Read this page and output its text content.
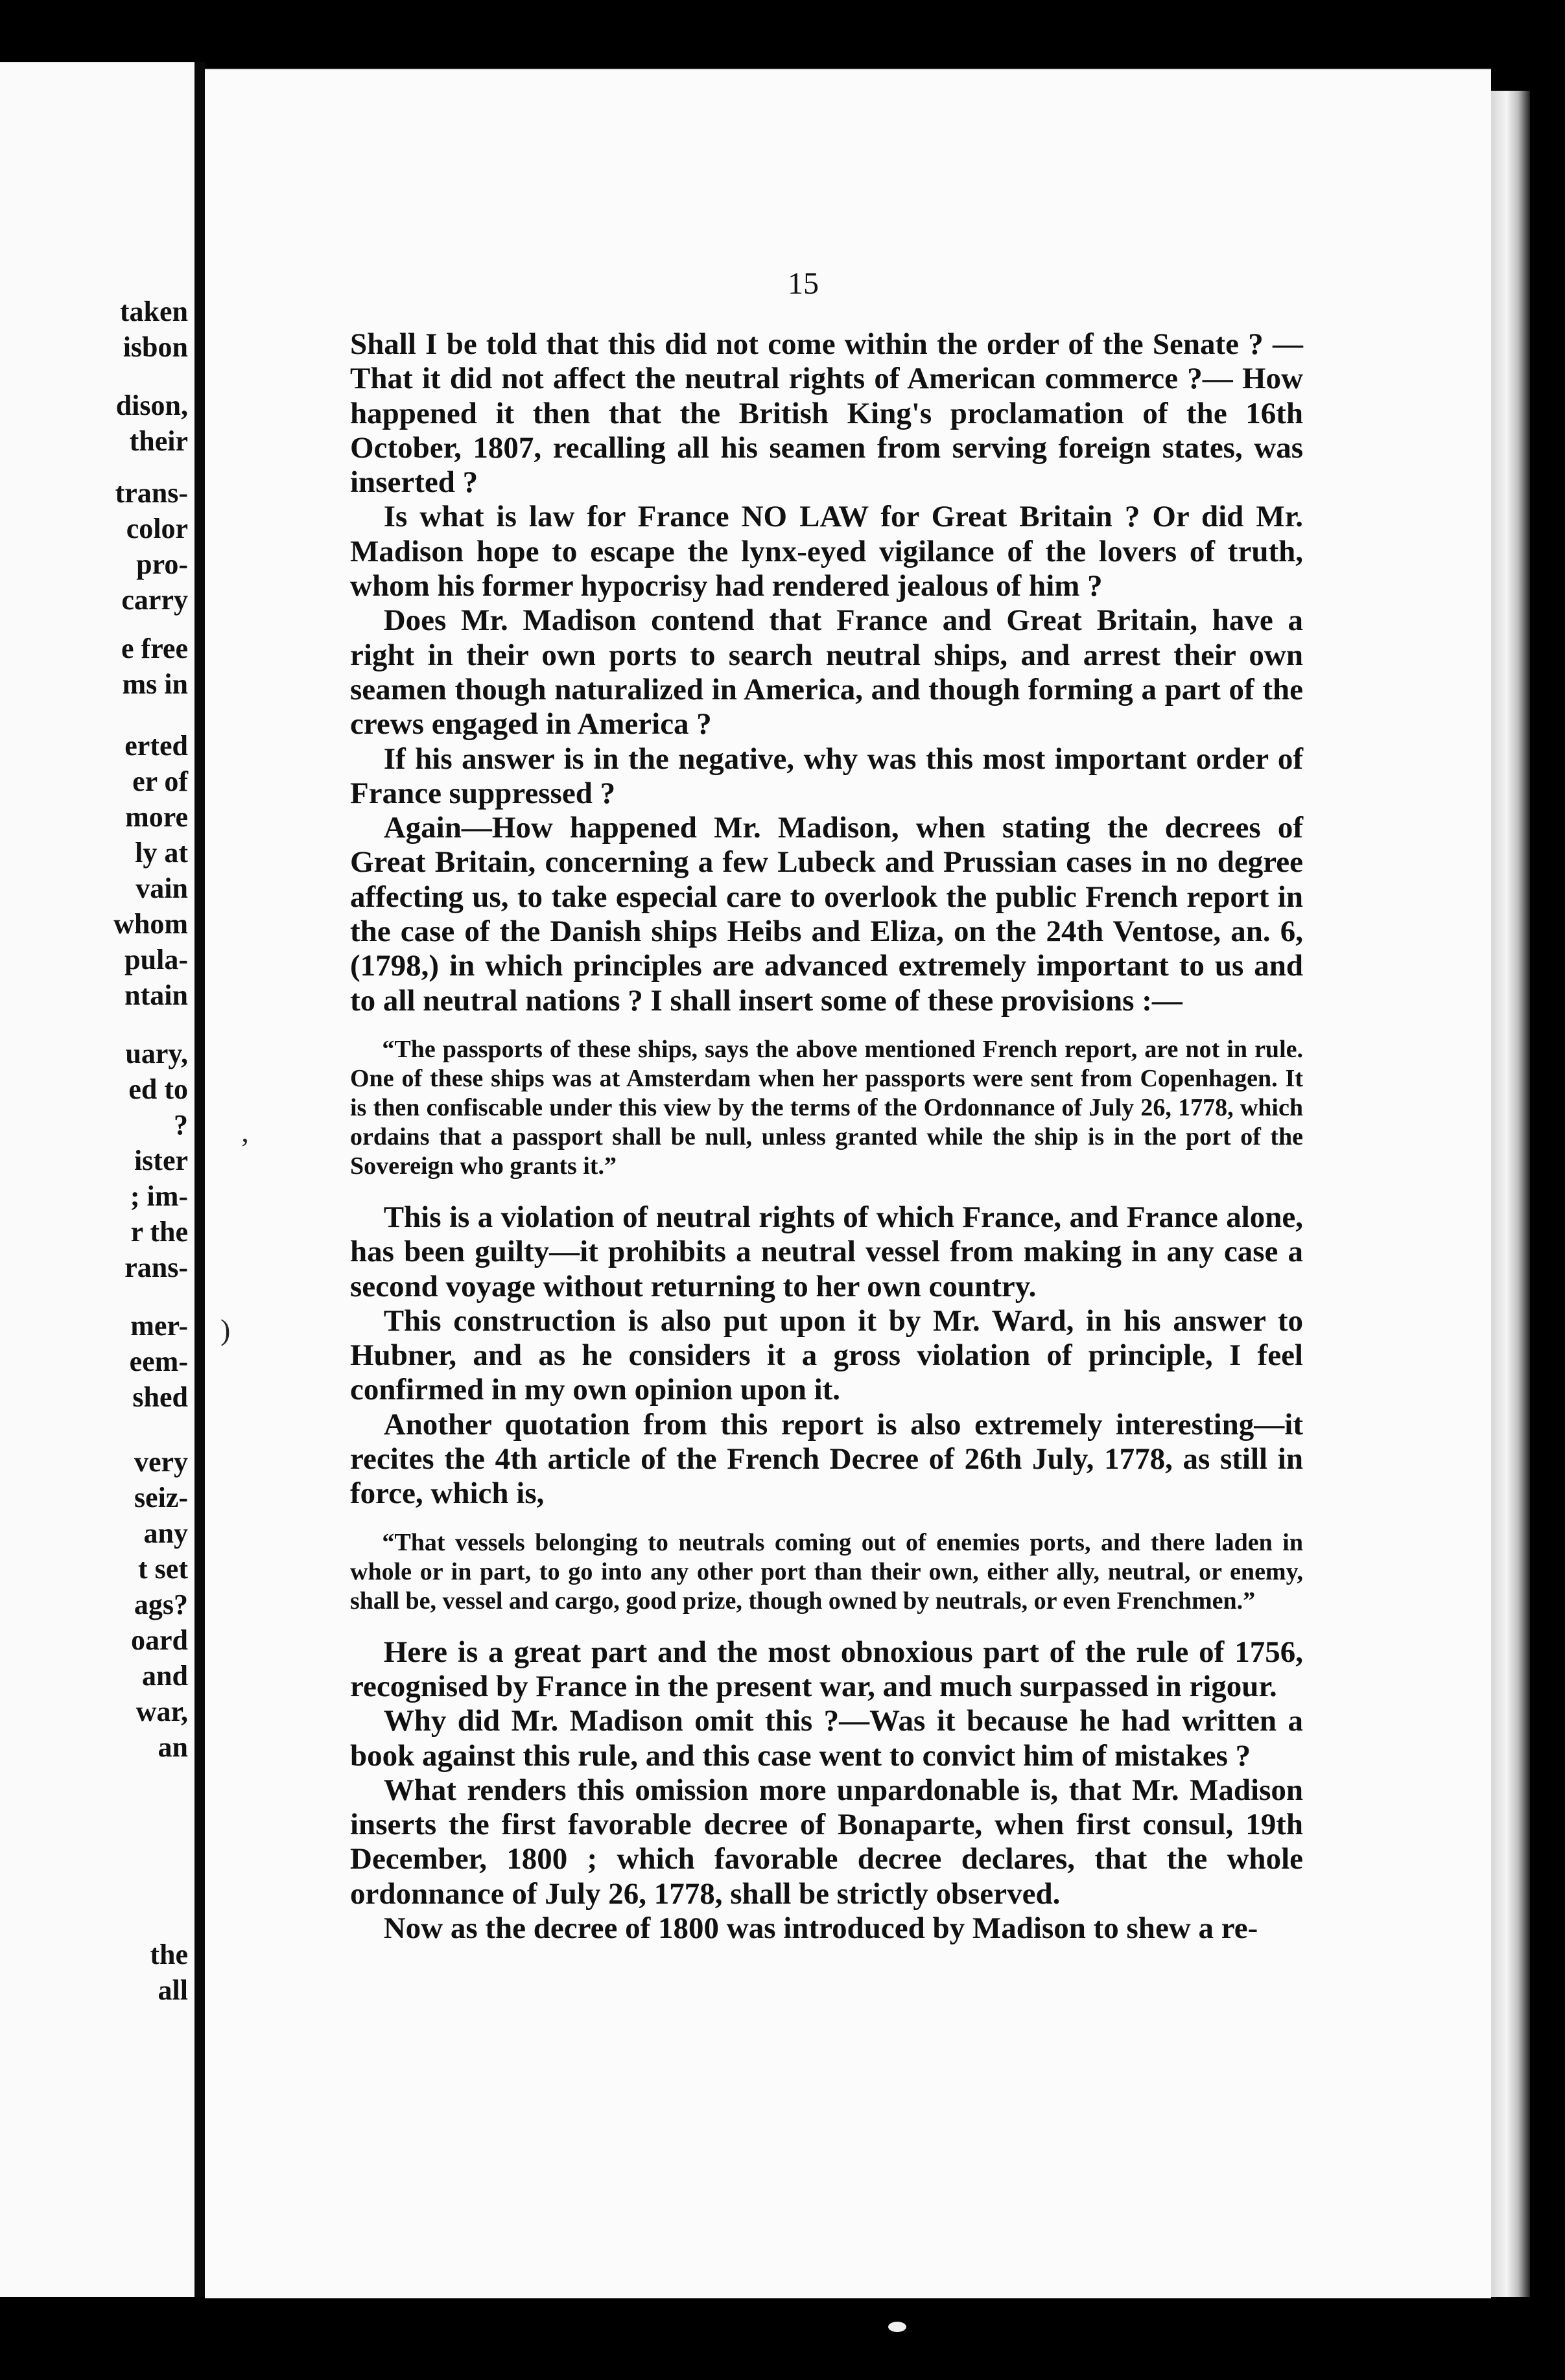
taken
isbon
dison,
their
trans-
color
pro-
carry
e free
ms in
erted
er of
more
ly at
vain
whom
pula-
ntain
uary,
ed to
?
ister
; im-
r the
rans-
mer-
eem-
shed
very
seiz-
any
t set
ags?
oard
and
war,
an
the
all
15

Shall I be told that this did not come within the order of the Senate ? —That it did not affect the neutral rights of American commerce ?— How happened it then that the British King's proclamation of the 16th October, 1807, recalling all his seamen from serving foreign states, was inserted ?

Is what is law for France NO LAW for Great Britain ? Or did Mr. Madison hope to escape the lynx-eyed vigilance of the lovers of truth, whom his former hypocrisy had rendered jealous of him ?

Does Mr. Madison contend that France and Great Britain, have a right in their own ports to search neutral ships, and arrest their own seamen though naturalized in America, and though forming a part of the crews engaged in America ?

If his answer is in the negative, why was this most important order of France suppressed ?

Again—How happened Mr. Madison, when stating the decrees of Great Britain, concerning a few Lubeck and Prussian cases in no degree affecting us, to take especial care to overlook the public French report in the case of the Danish ships Heibs and Eliza, on the 24th Ventose, an. 6, (1798,) in which principles are advanced extremely important to us and to all neutral nations ? I shall insert some of these provisions :—

“The passports of these ships, says the above mentioned French report, are not in rule. One of these ships was at Amsterdam when her passports were sent from Copenhagen. It is then confiscable under this view by the terms of the Ordonnance of July 26, 1778, which ordains that a passport shall be null, unless granted while the ship is in the port of the Sovereign who grants it.”

This is a violation of neutral rights of which France, and France alone, has been guilty—it prohibits a neutral vessel from making in any case a second voyage without returning to her own country.

This construction is also put upon it by Mr. Ward, in his answer to Hubner, and as he considers it a gross violation of principle, I feel confirmed in my own opinion upon it.

Another quotation from this report is also extremely interesting—it recites the 4th article of the French Decree of 26th July, 1778, as still in force, which is,

“That vessels belonging to neutrals coming out of enemies ports, and there laden in whole or in part, to go into any other port than their own, either ally, neutral, or enemy, shall be, vessel and cargo, good prize, though owned by neutrals, or even Frenchmen.”

Here is a great part and the most obnoxious part of the rule of 1756, recognised by France in the present war, and much surpassed in rigour.

Why did Mr. Madison omit this ?—Was it because he had written a book against this rule, and this case went to convict him of mistakes ?

What renders this omission more unpardonable is, that Mr. Madison inserts the first favorable decree of Bonaparte, when first consul, 19th December, 1800 ; which favorable decree declares, that the whole ordonnance of July 26, 1778, shall be strictly observed.

Now as the decree of 1800 was introduced by Madison to shew a re-

’
)
